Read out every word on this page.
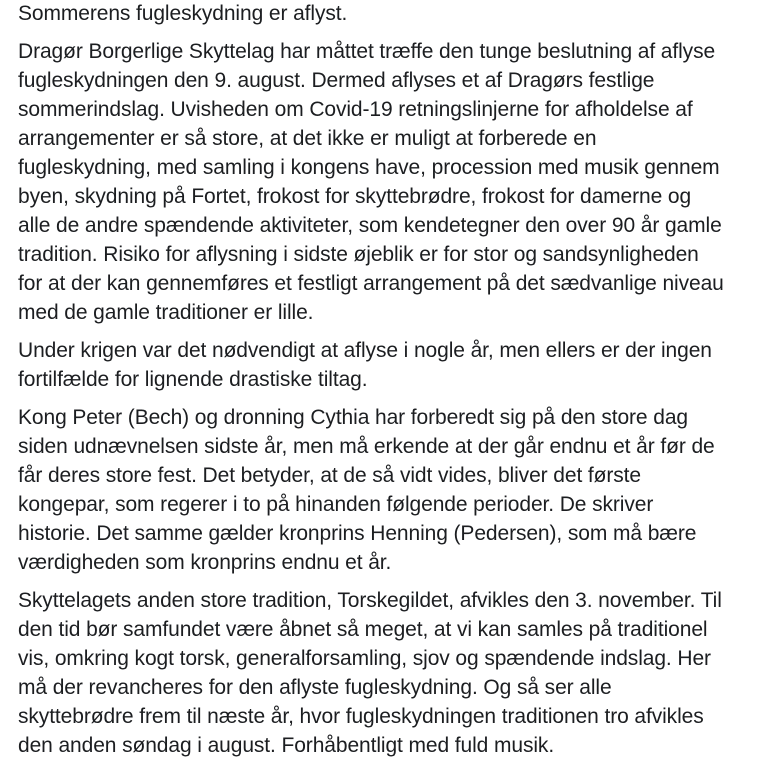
Sommerens fugleskydning er aflyst.

Dragør Borgerlige Skyttelag har måttet træffe den tunge beslutning af aflyse
fugleskydningen den 9. august. Dermed aflyses et af Dragørs festlige
sommerindslag. Uvisheden om Covid-19 retningslinjerne for afholdelse af
arrangementer er så store, at det ikke er muligt at forberede en
fugleskydning, med samling i kongens have, procession med musik gennem
byen, skydning på Fortet, frokost for skyttebrødre, frokost for damerne og
alle de andre spændende aktiviteter, som kendetegner den over 90 år gamle
tradition. Risiko for aflysning i sidste øjeblik er for stor og sandsynligheden
for at der kan gennemføres et festligt arrangement på det sædvanlige niveau
med de gamle traditioner er lille.

Under krigen var det nødvendigt at aflyse i nogle år, men ellers er der ingen
fortilfælde for lignende drastiske tiltag.

Kong Peter (Bech) og dronning Cythia har forberedt sig på den store dag
siden udnævnelsen sidste år, men må erkende at der går endnu et år før de
får deres store fest. Det betyder, at de så vidt vides, bliver det første
kongepar, som regerer i to på hinanden følgende perioder. De skriver
historie. Det samme gælder kronprins Henning (Pedersen), som må bære
værdigheden som kronprins endnu et år.

Skyttelagets anden store tradition, Torskegildet, afvikles den 3. november. Til
den tid bør samfundet være åbnet så meget, at vi kan samles på traditionel
vis, omkring kogt torsk, generalforsamling, sjov og spændende indslag. Her
må der revancheres for den aflyste fugleskydning. Og så ser alle
skyttebrødre frem til næste år, hvor fugleskydningen traditionen tro afvikles
den anden søndag i august. Forhåbentligt med fuld musik.
